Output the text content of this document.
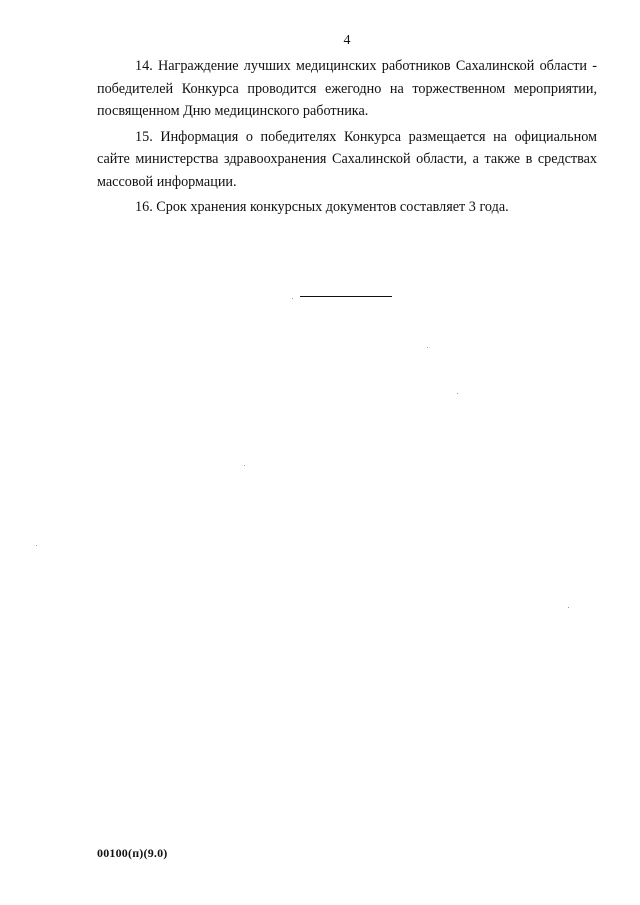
4

14. Награждение лучших медицинских работников Сахалинской области - победителей Конкурса проводится ежегодно на торжественном мероприятии, посвященном Дню медицинского работника.

15. Информация о победителях Конкурса размещается на официальном сайте министерства здравоохранения Сахалинской области, а также в средствах массовой информации.

16. Срок хранения конкурсных документов составляет 3 года.

00100(п)(9.0)
